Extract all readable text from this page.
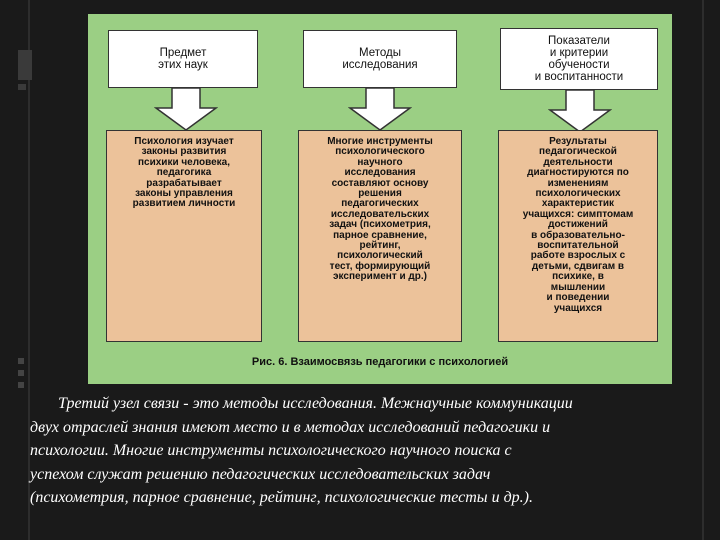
Предмет
этих наук
Методы
исследования
Показатели
и критерии
обучености
и воспитанности
Психология изучает
законы развития
психики человека,
педагогика
разрабатывает
законы управления
развитием личности
Многие инструменты
психологического
научного
исследования
составляют основу
решения
педагогических
исследовательских
задач (психометрия,
парное сравнение,
рейтинг,
психологический
тест, формирующий
эксперимент и др.)
Результаты
педагогической
деятельности
диагностируются по
изменениям
психологических
характеристик
учащихся: симптомам
достижений
в образовательно-
воспитательной
работе взрослых с
детьми, сдвигам в
психике, в
мышлении
и поведении
учащихся
Рис. 6. Взаимосвязь педагогики с психологией
Третий узел связи - это методы исследования. Межнаучные коммуникации
двух отраслей знания имеют место и в методах исследований педагогики и
психологии. Многие инструменты психологического научного поиска с
успехом служат решению педагогических исследовательских задач
(психометрия, парное сравнение, рейтинг, психологические тесты и др.).
